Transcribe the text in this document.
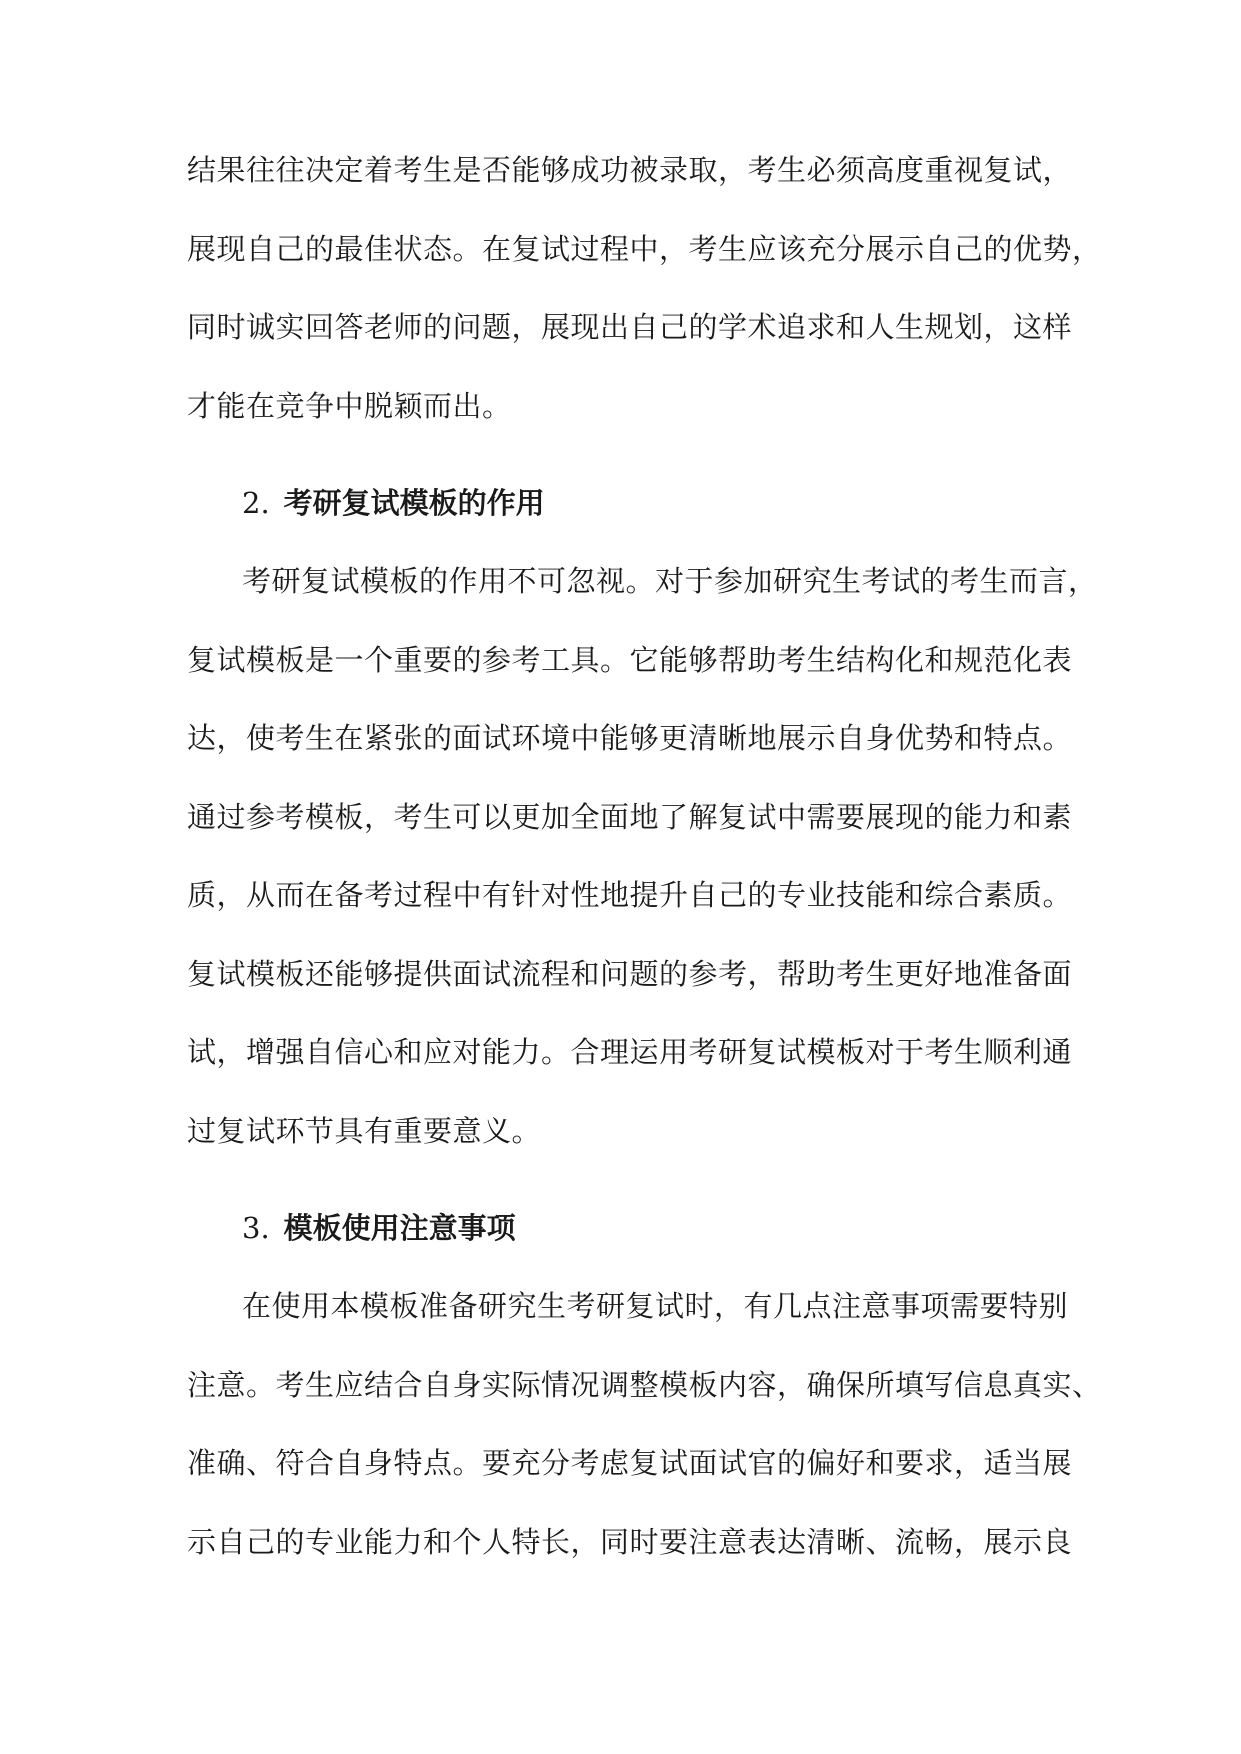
结果往往决定着考生是否能够成功被录取，考生必须高度重视复试，
展现自己的最佳状态。在复试过程中，考生应该充分展示自己的优势，
同时诚实回答老师的问题，展现出自己的学术追求和人生规划，这样
才能在竞争中脱颖而出。
2. 考研复试模板的作用
考研复试模板的作用不可忽视。对于参加研究生考试的考生而言，
复试模板是一个重要的参考工具。它能够帮助考生结构化和规范化表
达，使考生在紧张的面试环境中能够更清晰地展示自身优势和特点。
通过参考模板，考生可以更加全面地了解复试中需要展现的能力和素
质，从而在备考过程中有针对性地提升自己的专业技能和综合素质。
复试模板还能够提供面试流程和问题的参考，帮助考生更好地准备面
试，增强自信心和应对能力。合理运用考研复试模板对于考生顺利通
过复试环节具有重要意义。
3. 模板使用注意事项
在使用本模板准备研究生考研复试时，有几点注意事项需要特别
注意。考生应结合自身实际情况调整模板内容，确保所填写信息真实、
准确、符合自身特点。要充分考虑复试面试官的偏好和要求，适当展
示自己的专业能力和个人特长，同时要注意表达清晰、流畅，展示良
